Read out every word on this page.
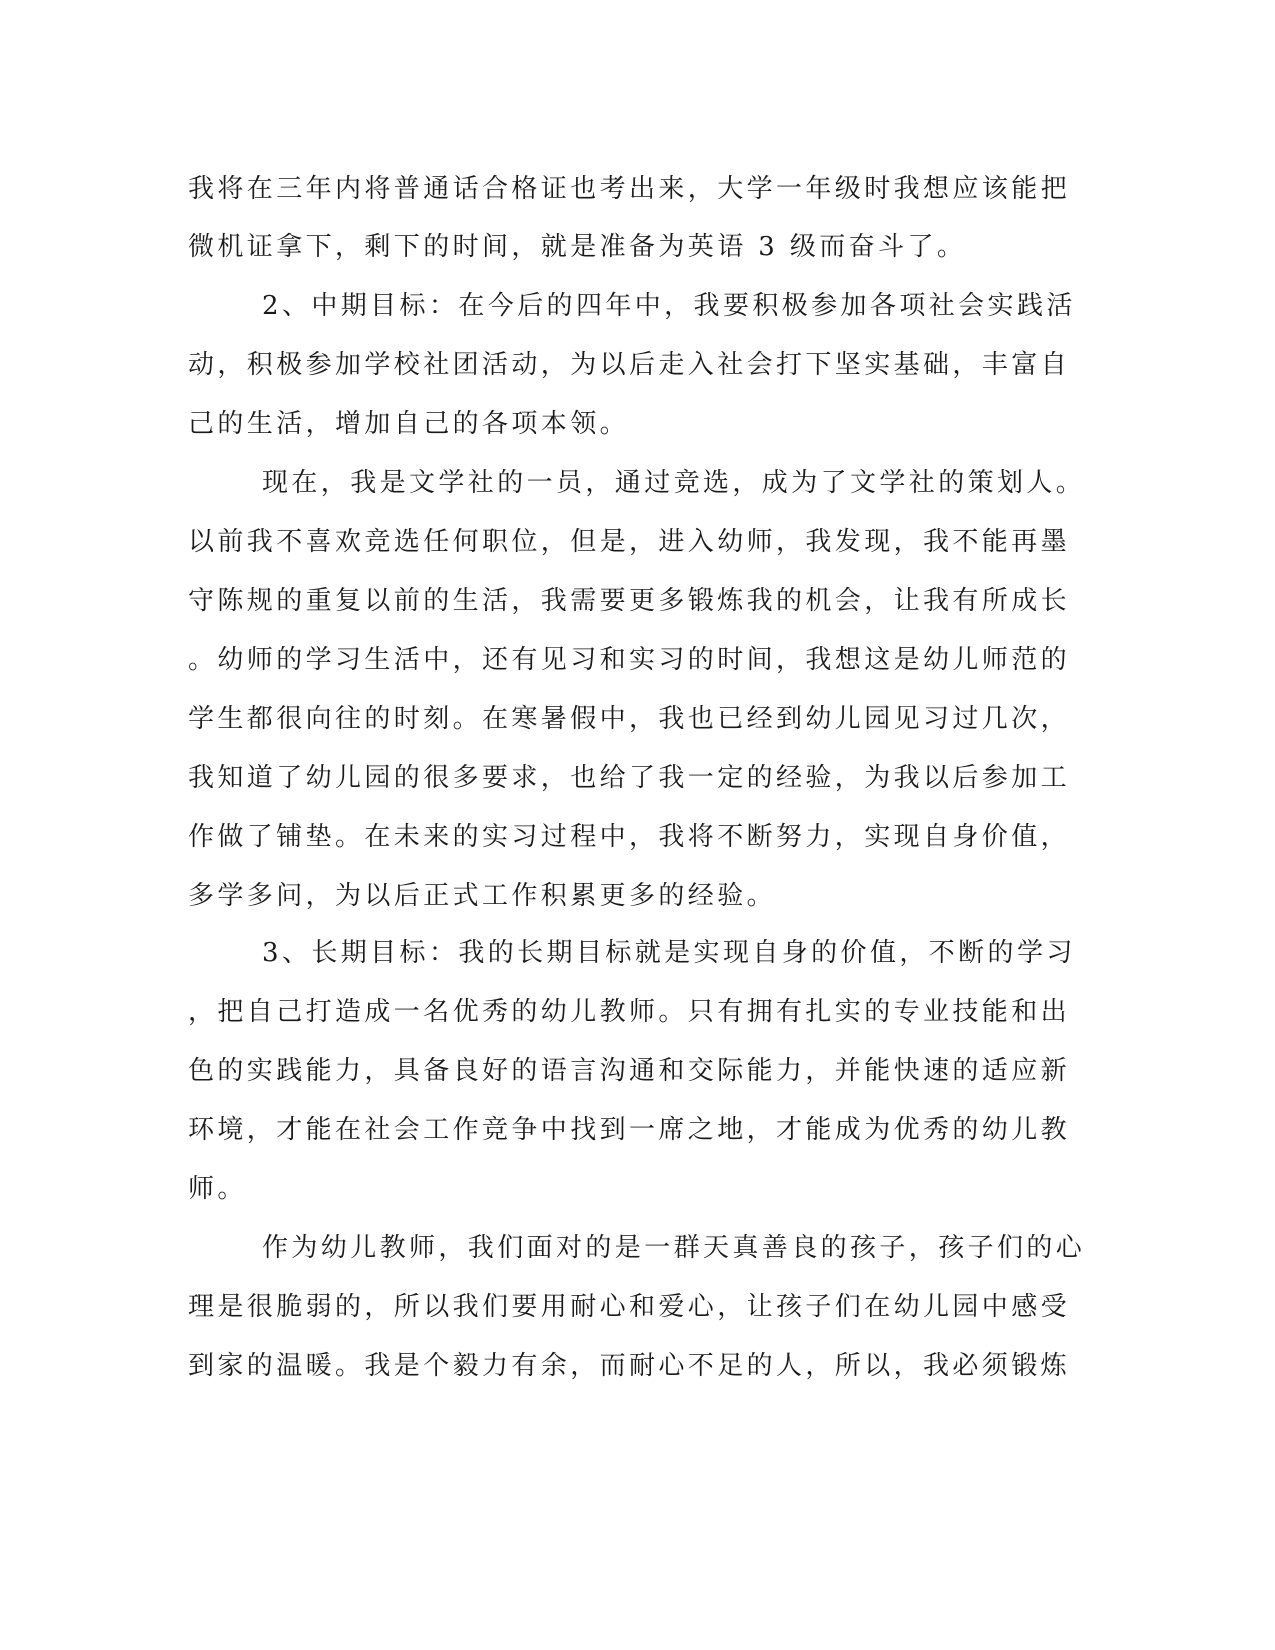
我将在三年内将普通话合格证也考出来，大学一年级时我想应该能把
微机证拿下，剩下的时间，就是准备为英语 3 级而奋斗了。
2、中期目标：在今后的四年中，我要积极参加各项社会实践活
动，积极参加学校社团活动，为以后走入社会打下坚实基础，丰富自
己的生活，增加自己的各项本领。
现在，我是文学社的一员，通过竞选，成为了文学社的策划人。
以前我不喜欢竞选任何职位，但是，进入幼师，我发现，我不能再墨
守陈规的重复以前的生活，我需要更多锻炼我的机会，让我有所成长
。幼师的学习生活中，还有见习和实习的时间，我想这是幼儿师范的
学生都很向往的时刻。在寒暑假中，我也已经到幼儿园见习过几次，
我知道了幼儿园的很多要求，也给了我一定的经验，为我以后参加工
作做了铺垫。在未来的实习过程中，我将不断努力，实现自身价值，
多学多问，为以后正式工作积累更多的经验。
3、长期目标：我的长期目标就是实现自身的价值，不断的学习
，把自己打造成一名优秀的幼儿教师。只有拥有扎实的专业技能和出
色的实践能力，具备良好的语言沟通和交际能力，并能快速的适应新
环境，才能在社会工作竞争中找到一席之地，才能成为优秀的幼儿教
师。
作为幼儿教师，我们面对的是一群天真善良的孩子，孩子们的心
理是很脆弱的，所以我们要用耐心和爱心，让孩子们在幼儿园中感受
到家的温暖。我是个毅力有余，而耐心不足的人，所以，我必须锻炼
